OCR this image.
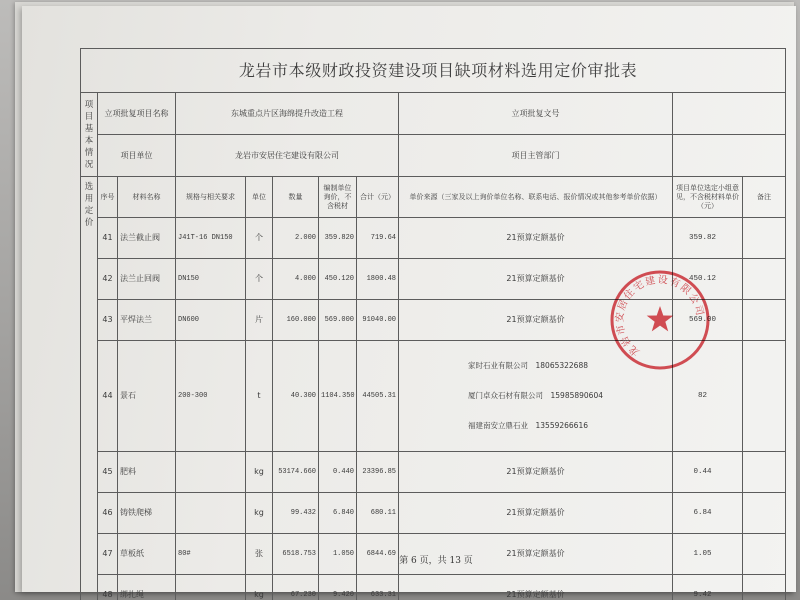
龙岩市本级财政投资建设项目缺项材料选用定价审批表										
项目基本情况	立项批复项目名称		东城重点片区海绵提升改造工程					立项批复文号		
	项目单位		龙岩市安居住宅建设有限公司					项目主管部门		
选用定价	序号	材料名称	规格与相关要求	单位	数量	编制单位询价，不含税材	合计（元）	单价来源（三家及以上询价单位名称、联系电话、报价情况或其他参考单价依据）	项目单位选定小组意见，不含税材料单价（元）	备注
	41	法兰截止阀	J41T-16 DN150	个	2.000	359.820	719.64	21预算定额基价	359.82	
	42	法兰止回阀	DN150	个	4.000	450.120	1800.48	21预算定额基价	450.12	
	43	平焊法兰	DN600	片	160.000	569.000	91040.00	21预算定额基价	569.00	
	44	景石	200-300	t	40.300	1104.350	44505.31	家时石业有限公司　18065322688

厦门卓众石材有限公司　15985890604

福建南安立鼎石业　13559266616	82	
	45	肥料		kg	53174.660	0.440	23396.85	21预算定额基价	0.44	
	46	铸铁爬梯		kg	99.432	6.840	680.11	21预算定额基价	6.84	
	47	草板纸	80#	张	6518.753	1.050	6844.69	21预算定额基价	1.05	
	48	绑扎绳		kg	67.230	9.420	633.31	21预算定额基价	9.42	
第 6 页，共 13 页
龙岩市安居住宅建设有限公司
